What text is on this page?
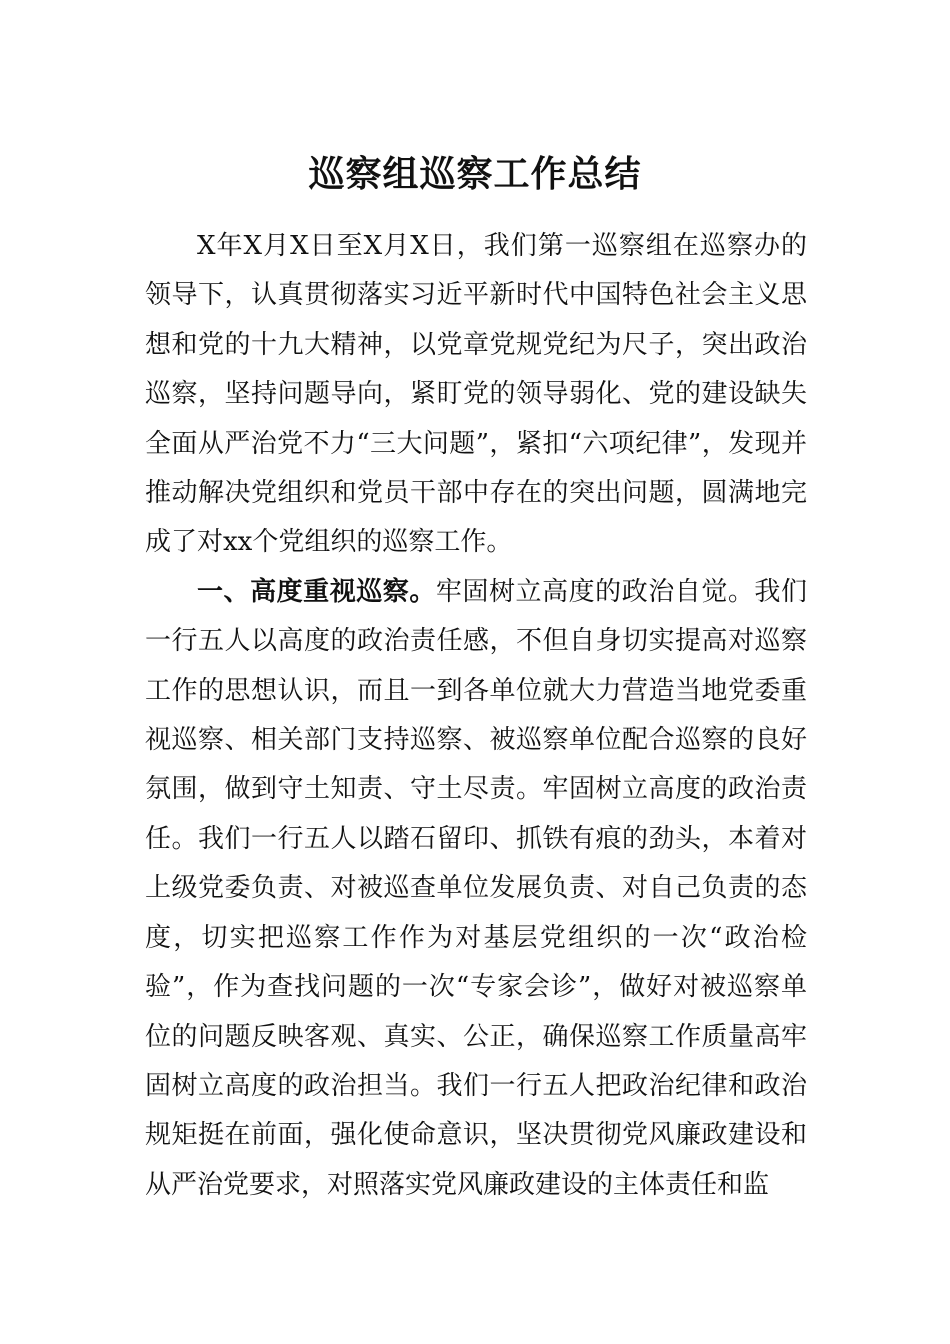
巡察组巡察工作总结

X年X月X日至X月X日，我们第一巡察组在巡察办的领导下，认真贯彻落实习近平新时代中国特色社会主义思想和党的十九大精神，以党章党规党纪为尺子，突出政治巡察，坚持问题导向，紧盯党的领导弱化、党的建设缺失全面从严治党不力“三大问题”，紧扣“六项纪律”，发现并推动解决党组织和党员干部中存在的突出问题，圆满地完成了对xx个党组织的巡察工作。

一、高度重视巡察。牢固树立高度的政治自觉。我们一行五人以高度的政治责任感，不但自身切实提高对巡察工作的思想认识，而且一到各单位就大力营造当地党委重视巡察、相关部门支持巡察、被巡察单位配合巡察的良好氛围，做到守土知责、守土尽责。牢固树立高度的政治责任。我们一行五人以踏石留印、抓铁有痕的劲头，本着对上级党委负责、对被巡查单位发展负责、对自己负责的态度，切实把巡察工作作为对基层党组织的一次“政治检验”，作为查找问题的一次“专家会诊”，做好对被巡察单位的问题反映客观、真实、公正，确保巡察工作质量高牢固树立高度的政治担当。我们一行五人把政治纪律和政治规矩挺在前面，强化使命意识，坚决贯彻党风廉政建设和从严治党要求，对照落实党风廉政建设的主体责任和监
